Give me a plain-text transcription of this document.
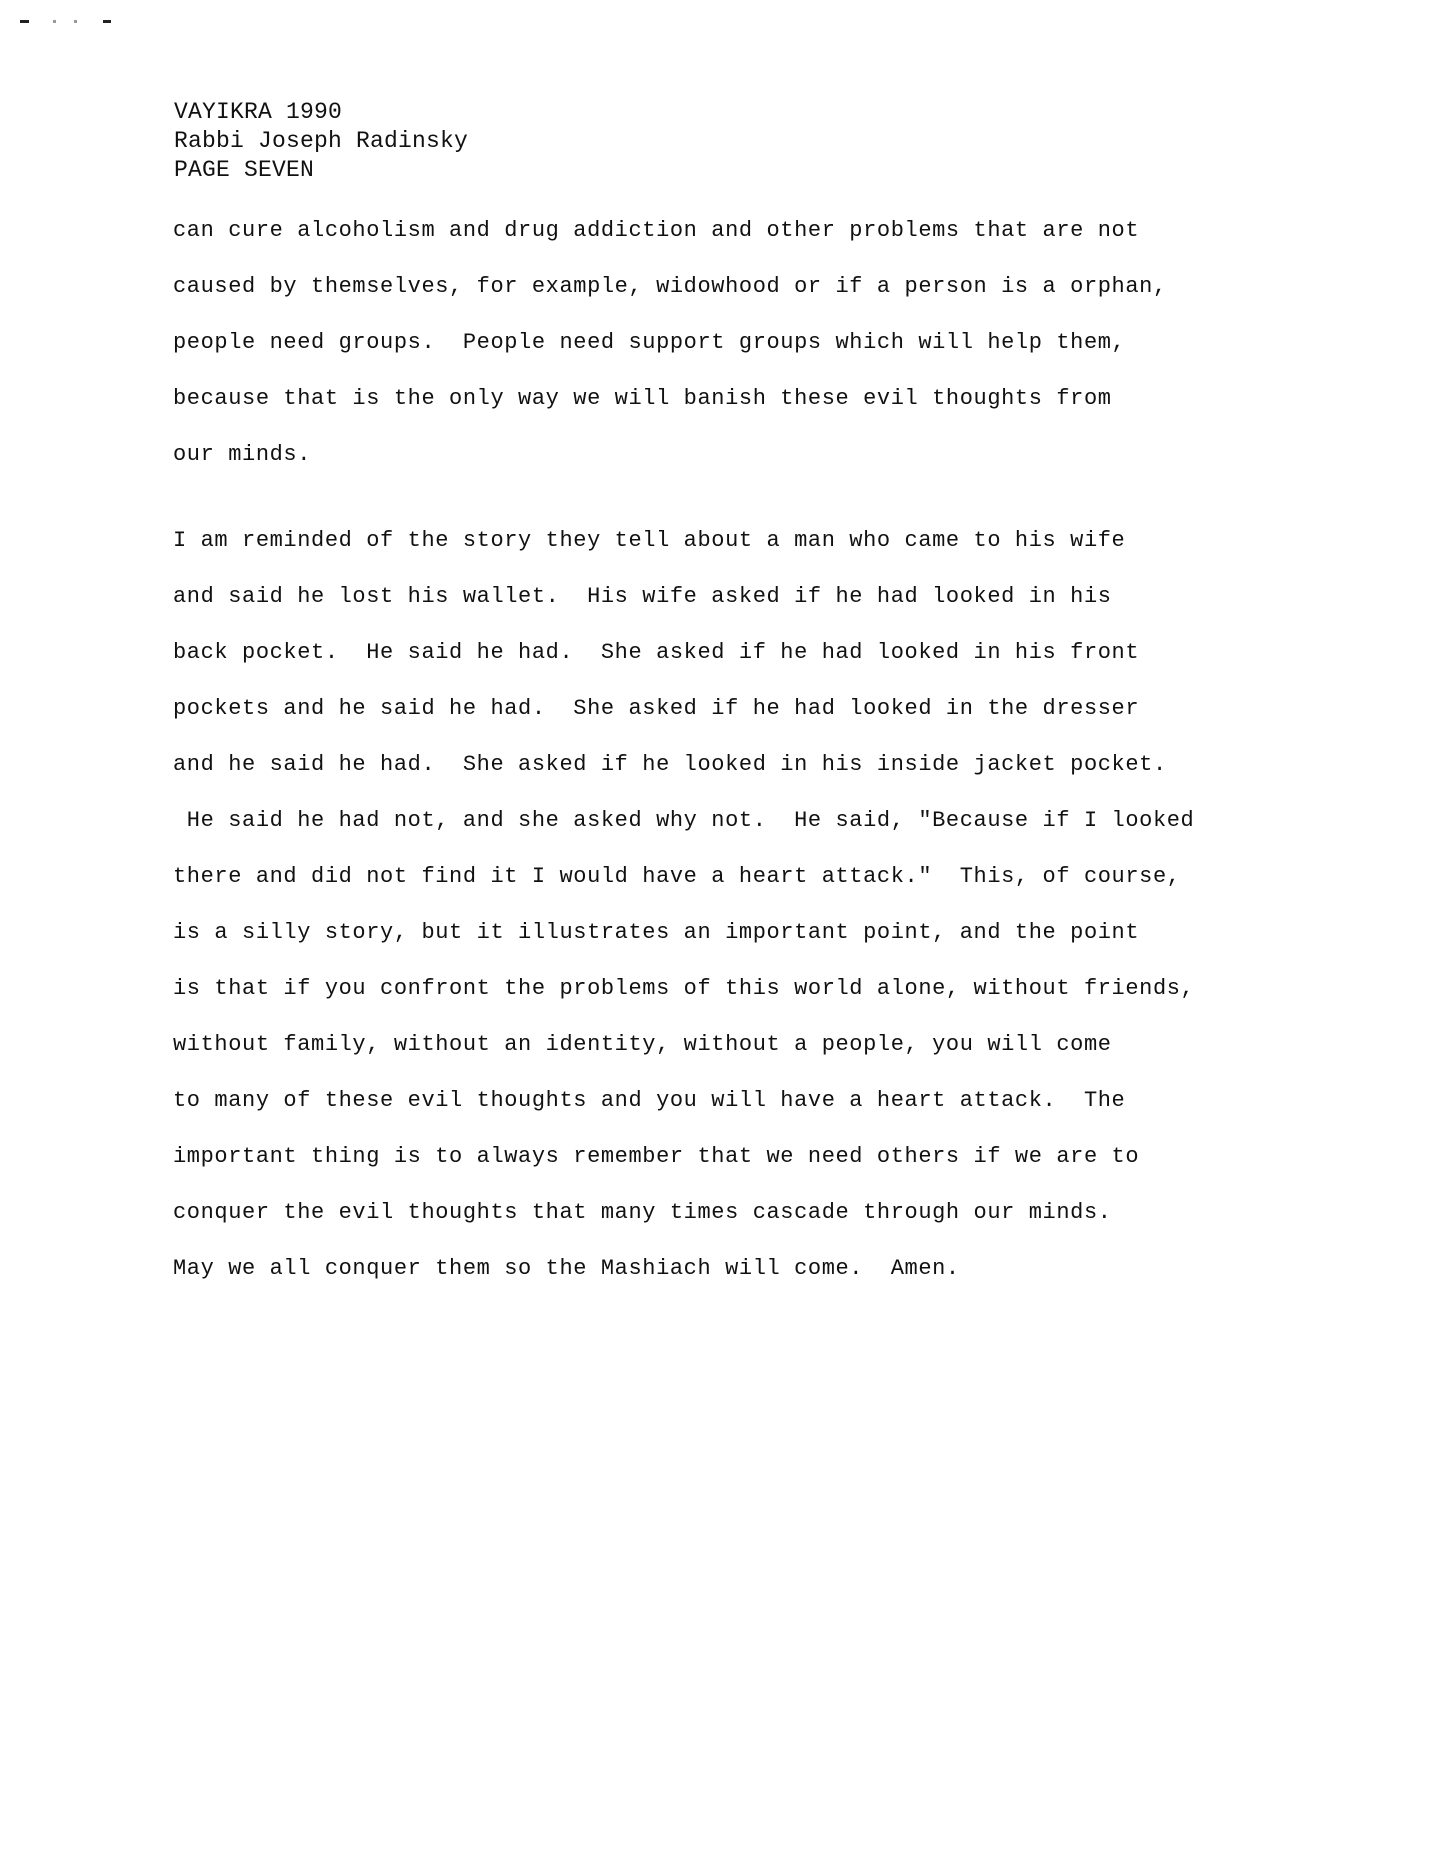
VAYIKRA 1990
Rabbi Joseph Radinsky
PAGE SEVEN
can cure alcoholism and drug addiction and other problems that are not
caused by themselves, for example, widowhood or if a person is a orphan,
people need groups.  People need support groups which will help them,
because that is the only way we will banish these evil thoughts from
our minds.
I am reminded of the story they tell about a man who came to his wife
and said he lost his wallet.  His wife asked if he had looked in his
back pocket.  He said he had.  She asked if he had looked in his front
pockets and he said he had.  She asked if he had looked in the dresser
and he said he had.  She asked if he looked in his inside jacket pocket.
He said he had not, and she asked why not.  He said, "Because if I looked
there and did not find it I would have a heart attack."  This, of course,
is a silly story, but it illustrates an important point, and the point
is that if you confront the problems of this world alone, without friends,
without family, without an identity, without a people, you will come
to many of these evil thoughts and you will have a heart attack.  The
important thing is to always remember that we need others if we are to
conquer the evil thoughts that many times cascade through our minds.
May we all conquer them so the Mashiach will come.  Amen.
